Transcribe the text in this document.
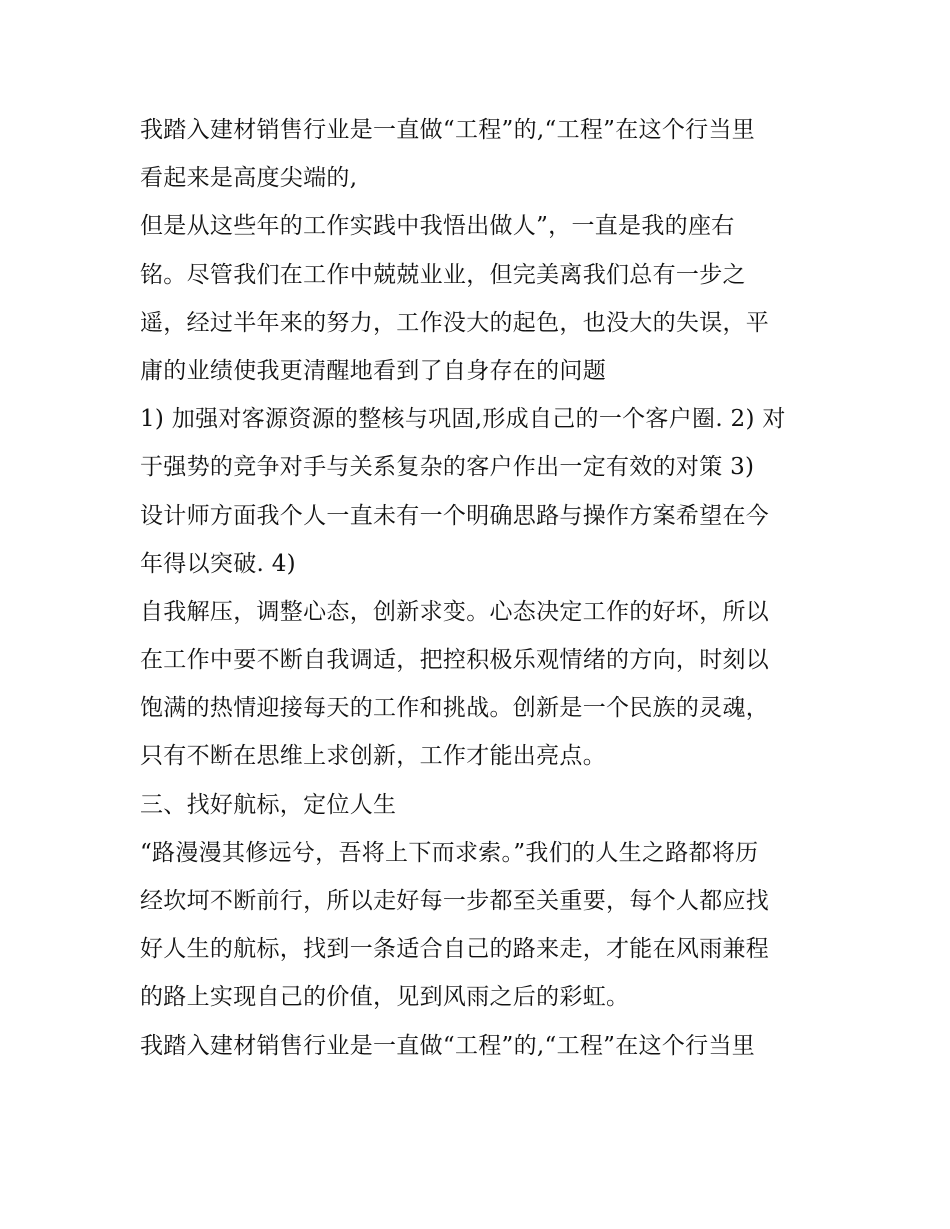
我踏入建材销售行业是一直做“工程”的,“工程”在这个行当里
看起来是高度尖端的,
但是从这些年的工作实践中我悟出做人”，一直是我的座右
铭。尽管我们在工作中兢兢业业，但完美离我们总有一步之
遥，经过半年来的努力，工作没大的起色，也没大的失误，平
庸的业绩使我更清醒地看到了自身存在的问题
1) 加强对客源资源的整核与巩固,形成自己的一个客户圈. 2) 对
于强势的竞争对手与关系复杂的客户作出一定有效的对策 3)
设计师方面我个人一直未有一个明确思路与操作方案希望在今
年得以突破. 4)
自我解压，调整心态，创新求变。心态决定工作的好坏，所以
在工作中要不断自我调适，把控积极乐观情绪的方向，时刻以
饱满的热情迎接每天的工作和挑战。创新是一个民族的灵魂，
只有不断在思维上求创新，工作才能出亮点。
三、找好航标，定位人生
“路漫漫其修远兮，吾将上下而求索。”我们的人生之路都将历
经坎坷不断前行，所以走好每一步都至关重要，每个人都应找
好人生的航标，找到一条适合自己的路来走，才能在风雨兼程
的路上实现自己的价值，见到风雨之后的彩虹。
我踏入建材销售行业是一直做“工程”的,“工程”在这个行当里
